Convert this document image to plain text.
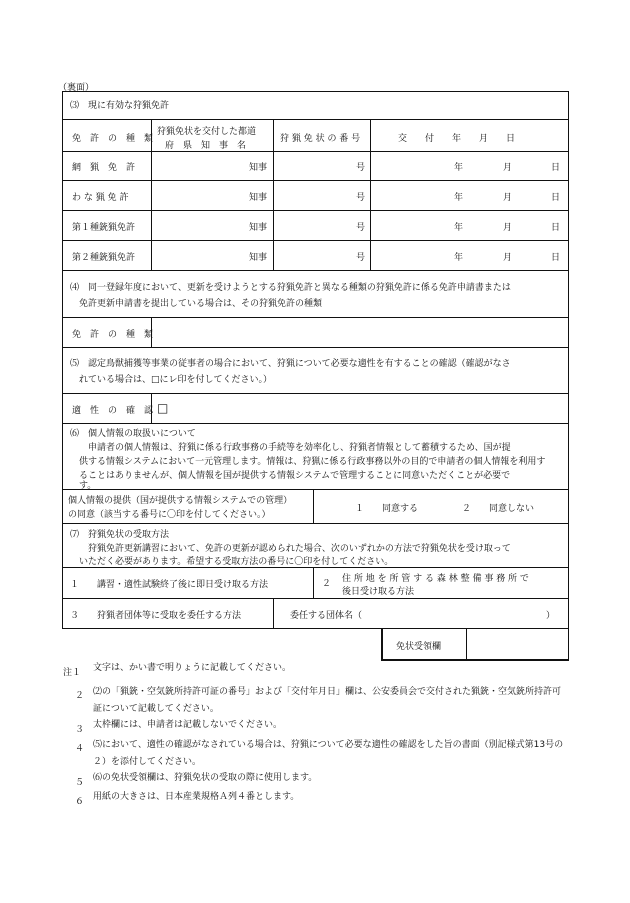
（裏面）
⑶　現に有効な狩猟免許
免　許　の　種　類
狩猟免状を交付した都道
府　県　知　事　名
狩 猟 免 状 の 番 号	交　　付　　年　　月　　日
網　猟　免　許	知事	号	年	月	日
わ な 猟 免 許	知事	号	年	月	日
第１種銃猟免許	知事	号	年	月	日
第２種銃猟免許	知事	号	年	月	日
⑷　同一登録年度において、更新を受けようとする狩猟免許と異なる種類の狩猟免許に係る免許申請書または
免許更新申請書を提出している場合は、その狩猟免許の種類
免　許　の　種　類
⑸　認定鳥獣捕獲等事業の従事者の場合において、狩猟について必要な適性を有することの確認（確認がなさ
れている場合は、□にレ印を付してください。）
適　性　の　確　認 □
⑹　個人情報の取扱いについて
申請者の個人情報は、狩猟に係る行政事務の手続等を効率化し、狩猟者情報として蓄積するため、国が提
供する情報システムにおいて一元管理します。情報は、狩猟に係る行政事務以外の目的で申請者の個人情報を利用す
ることはありませんが、個人情報を国が提供する情報システムで管理することに同意いただくことが必要で
す。
個人情報の提供（国が提供する情報システムでの管理）
の同意（該当する番号に〇印を付してください。）
１　　同意する	２　　同意しない
⑺　狩猟免状の受取方法
狩猟免許更新講習において、免許の更新が認められた場合、次のいずれかの方法で狩猟免状を受け取って
いただく必要があります。希望する受取方法の番号に〇印を付してください。
１　　講習・適性試験終了後に即日受け取る方法	２ 住 所 地 を 所 管 す る 森 林 整 備 事 務 所 で
後日受け取る方法
３　　狩猟者団体等に受取を委任する方法	委任する団体名（	）
免状受領欄
注１ 文字は、かい書で明りょうに記載してください。
２ ⑵の「猟銃・空気銃所持許可証の番号」および「交付年月日」欄は、公安委員会で交付された猟銃・空気銃所持許可証について記載してください。
３ 太枠欄には、申請者は記載しないでください。
４ ⑸において、適性の確認がなされている場合は、狩猟について必要な適性の確認をした旨の書面（別記様式第13号の２）を添付してください。
５ ⑹の免状受領欄は、狩猟免状の受取の際に使用します。
６ 用紙の大きさは、日本産業規格Ａ列４番とします。
